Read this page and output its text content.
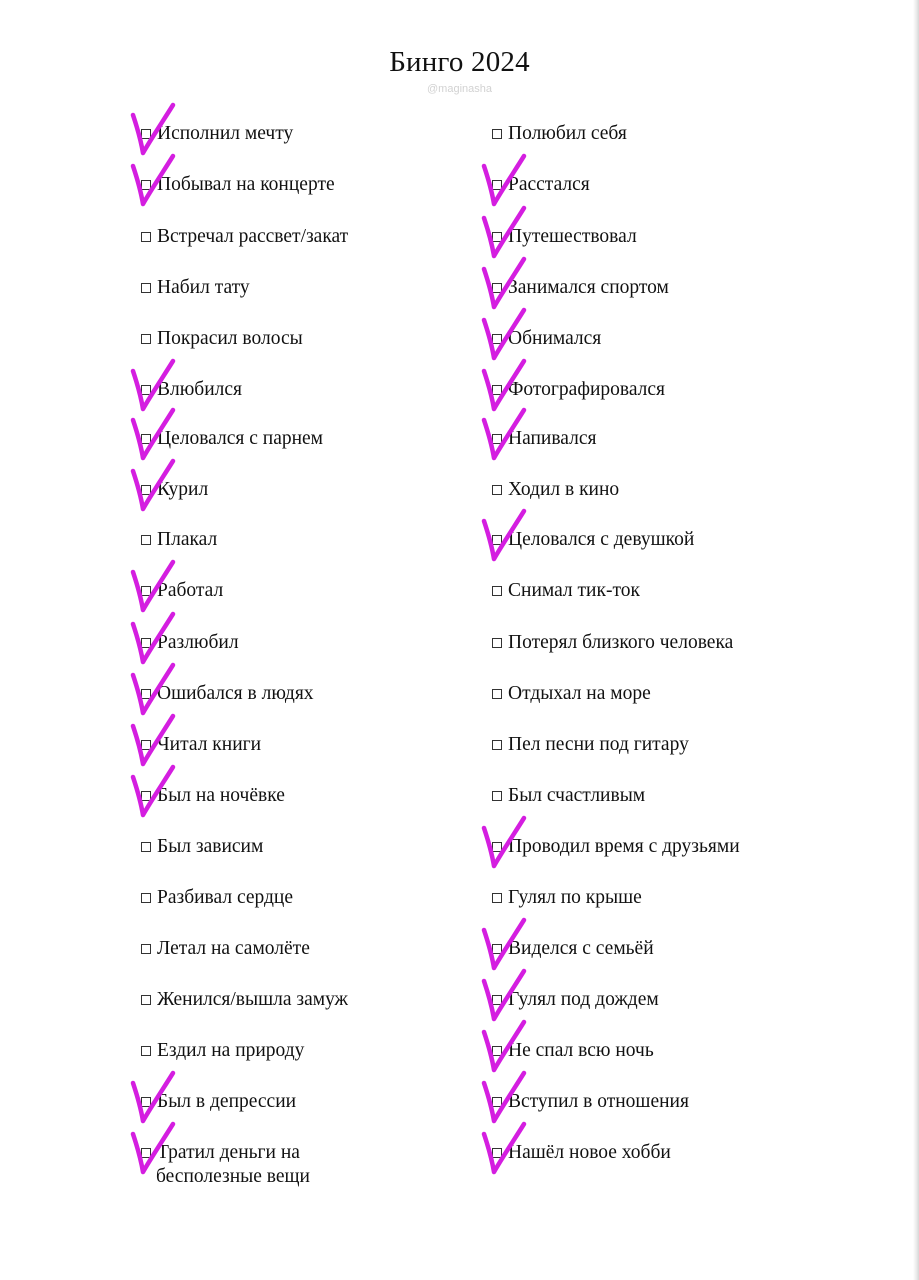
Бинго 2024
@maginasha
Исполнил мечту
Побывал на концерте
Встречал рассвет/закат
Набил тату
Покрасил волосы
Влюбился
Целовался с парнем
Курил
Плакал
Работал
Разлюбил
Ошибался в людях
Читал книги
Был на ночёвке
Был зависим
Разбивал сердце
Летал на самолёте
Женился/вышла замуж
Ездил на природу
Был в депрессии
Тратил деньги на
бесполезные вещи
Полюбил себя
Расстался
Путешествовал
Занимался спортом
Обнимался
Фотографировался
Напивался
Ходил в кино
Целовался с девушкой
Снимал тик-ток
Потерял близкого человека
Отдыхал на море
Пел песни под гитару
Был счастливым
Проводил время с друзьями
Гулял по крыше
Виделся с семьёй
Гулял под дождем
Не спал всю ночь
Вступил в отношения
Нашёл новое хобби
